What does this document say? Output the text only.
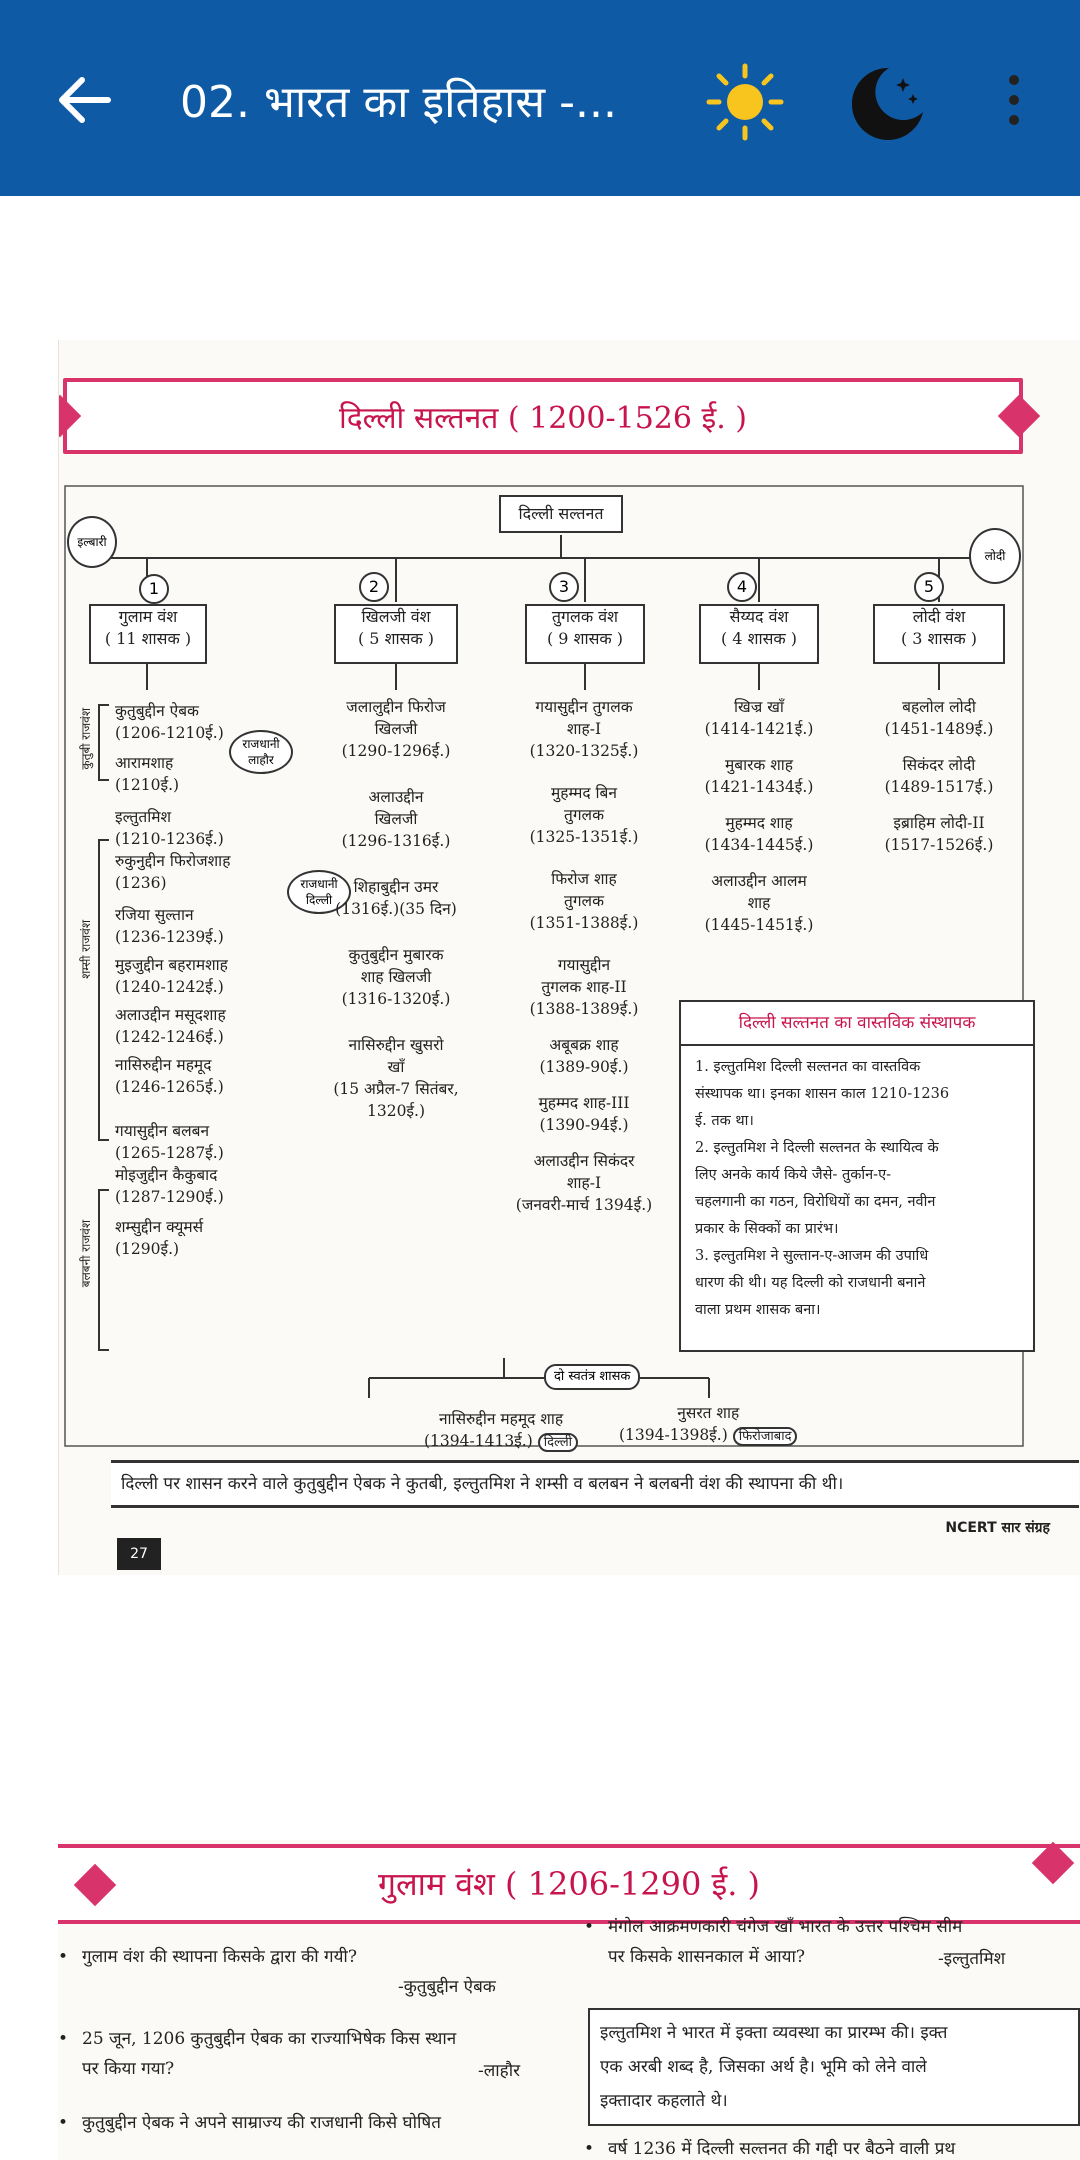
02. भारत का इतिहास -...
दिल्ली सल्तनत ( 1200-1526 ई. )
दिल्ली सल्तनत
इल्बारी
लोदी
1
गुलाम वंश
( 11 शासक )
2
खिलजी वंश
( 5 शासक )
3
तुगलक वंश
( 9 शासक )
4
सैय्यद वंश
( 4 शासक )
5
लोदी वंश
( 3 शासक )
कुतुबी राजवंश
शम्सी राजवंश
बलबनी राजवंश
राजधानी
लाहौर
राजधानी
दिल्ली
कुतुबुद्दीन ऐबक
(1206-1210ई.)
आरामशाह
(1210ई.)
इल्तुतमिश
(1210-1236ई.)
रुकुनुद्दीन फिरोजशाह
(1236)
रजिया सुल्तान
(1236-1239ई.)
मुइजुद्दीन बहरामशाह
(1240-1242ई.)
अलाउद्दीन मसूदशाह
(1242-1246ई.)
नासिरुद्दीन महमूद
(1246-1265ई.)
गयासुद्दीन बलबन
(1265-1287ई.)
मोइजुद्दीन कैकुबाद
(1287-1290ई.)
शम्सुद्दीन क्यूमर्स
(1290ई.)
जलालुद्दीन फिरोज
खिलजी
(1290-1296ई.)
अलाउद्दीन
खिलजी
(1296-1316ई.)
शिहाबुद्दीन उमर
(1316ई.)(35 दिन)
कुतुबुद्दीन मुबारक
शाह खिलजी
(1316-1320ई.)
नासिरुद्दीन खुसरो
खाँ
(15 अप्रैल-7 सितंबर,
1320ई.)
गयासुद्दीन तुगलक
शाह-I
(1320-1325ई.)
मुहम्मद बिन
तुगलक
(1325-1351ई.)
फिरोज शाह
तुगलक
(1351-1388ई.)
गयासुद्दीन
तुगलक शाह-II
(1388-1389ई.)
अबूबक्र शाह
(1389-90ई.)
मुहम्मद शाह-III
(1390-94ई.)
अलाउद्दीन सिकंदर
शाह-I
(जनवरी-मार्च 1394ई.)
दो स्वतंत्र शासक
नासिरुद्दीन महमूद शाह
(1394-1413ई.) दिल्ली
नुसरत शाह
(1394-1398ई.) फिरोजाबाद
खिज्र खाँ
(1414-1421ई.)
मुबारक शाह
(1421-1434ई.)
मुहम्मद शाह
(1434-1445ई.)
अलाउद्दीन आलम
शाह
(1445-1451ई.)
बहलोल लोदी
(1451-1489ई.)
सिकंदर लोदी
(1489-1517ई.)
इब्राहिम लोदी-II
(1517-1526ई.)
दिल्ली सल्तनत का वास्तविक संस्थापक
1. इल्तुतमिश दिल्ली सल्तनत का वास्तविक
संस्थापक था। इनका शासन काल 1210-1236
ई. तक था।
2. इल्तुतमिश ने दिल्ली सल्तनत के स्थायित्व के
लिए अनके कार्य किये जैसे- तुर्कान-ए-
चहलगानी का गठन, विरोधियों का दमन, नवीन
प्रकार के सिक्कों का प्रारंभ।
3. इल्तुतमिश ने सुल्तान-ए-आजम की उपाधि
धारण की थी। यह दिल्ली को राजधानी बनाने
वाला प्रथम शासक बना।
दिल्ली पर शासन करने वाले कुतुबुद्दीन ऐबक ने कुतबी, इल्तुतमिश ने शम्सी व बलबन ने बलबनी वंश की स्थापना की थी।
NCERT सार संग्रह
27
गुलाम वंश ( 1206-1290 ई. )
• गुलाम वंश की स्थापना किसके द्वारा की गयी?
-कुतुबुद्दीन ऐबक
• 25 जून, 1206 कुतुबुद्दीन ऐबक का राज्याभिषेक किस स्थान
पर किया गया?	-लाहौर
• कुतुबुद्दीन ऐबक ने अपने साम्राज्य की राजधानी किसे घोषित
• मंगोल आक्रमणकारी चंगेज खाँ भारत के उत्तर पश्चिम सीम
पर किसके शासनकाल में आया?	-इल्तुतमिश
इल्तुतमिश ने भारत में इक्ता व्यवस्था का प्रारम्भ की। इक्त
एक अरबी शब्द है, जिसका अर्थ है। भूमि को लेने वाले
इक्तादार कहलाते थे।
• वर्ष 1236 में दिल्ली सल्तनत की गद्दी पर बैठने वाली प्रथ
